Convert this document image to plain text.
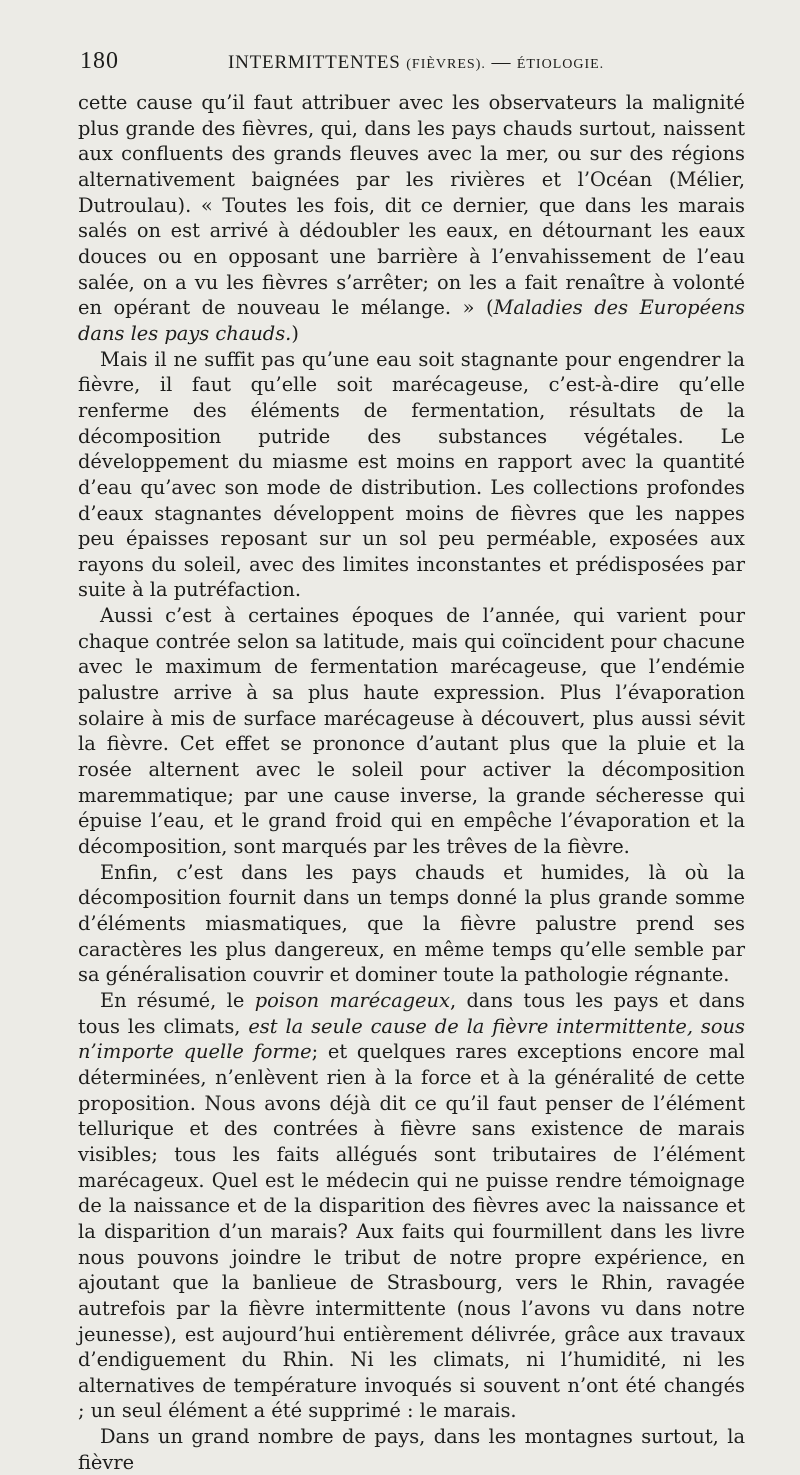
180	INTERMITTENTES (FIÈVRES). — ÉTIOLOGIE.

cette cause qu’il faut attribuer avec les observateurs la malignité plus grande des fièvres, qui, dans les pays chauds surtout, naissent aux confluents des grands fleuves avec la mer, ou sur des régions alternativement baignées par les rivières et l’Océan (Mélier, Dutroulau). « Toutes les fois, dit ce dernier, que dans les marais salés on est arrivé à dédoubler les eaux, en détournant les eaux douces ou en opposant une barrière à l’envahissement de l’eau salée, on a vu les fièvres s’arrêter; on les a fait renaître à volonté en opérant de nouveau le mélange. » (Maladies des Européens dans les pays chauds.)

Mais il ne suffit pas qu’une eau soit stagnante pour engendrer la fièvre, il faut qu’elle soit marécageuse, c’est-à-dire qu’elle renferme des éléments de fermentation, résultats de la décomposition putride des substances végétales. Le développement du miasme est moins en rapport avec la quantité d’eau qu’avec son mode de distribution. Les collections profondes d’eaux stagnantes développent moins de fièvres que les nappes peu épaisses reposant sur un sol peu perméable, exposées aux rayons du soleil, avec des limites inconstantes et prédisposées par suite à la putréfaction.

Aussi c’est à certaines époques de l’année, qui varient pour chaque contrée selon sa latitude, mais qui coïncident pour chacune avec le maximum de fermentation marécageuse, que l’endémie palustre arrive à sa plus haute expression. Plus l’évaporation solaire à mis de surface marécageuse à découvert, plus aussi sévit la fièvre. Cet effet se prononce d’autant plus que la pluie et la rosée alternent avec le soleil pour activer la décomposition maremmatique; par une cause inverse, la grande sécheresse qui épuise l’eau, et le grand froid qui en empêche l’évaporation et la décomposition, sont marqués par les trêves de la fièvre.

Enfin, c’est dans les pays chauds et humides, là où la décomposition fournit dans un temps donné la plus grande somme d’éléments miasmatiques, que la fièvre palustre prend ses caractères les plus dangereux, en même temps qu’elle semble par sa généralisation couvrir et dominer toute la pathologie régnante.

En résumé, le poison marécageux, dans tous les pays et dans tous les climats, est la seule cause de la fièvre intermittente, sous n’importe quelle forme; et quelques rares exceptions encore mal déterminées, n’enlèvent rien à la force et à la généralité de cette proposition. Nous avons déjà dit ce qu’il faut penser de l’élément tellurique et des contrées à fièvre sans existence de marais visibles; tous les faits allégués sont tributaires de l’élément marécageux. Quel est le médecin qui ne puisse rendre témoignage de la naissance et de la disparition des fièvres avec la naissance et la disparition d’un marais? Aux faits qui fourmillent dans les livre nous pouvons joindre le tribut de notre propre expérience, en ajoutant que la banlieue de Strasbourg, vers le Rhin, ravagée autrefois par la fièvre intermittente (nous l’avons vu dans notre jeunesse), est aujourd’hui entièrement délivrée, grâce aux travaux d’endiguement du Rhin. Ni les climats, ni l’humidité, ni les alternatives de température invoqués si souvent n’ont été changés ; un seul élément a été supprimé : le marais.

Dans un grand nombre de pays, dans les montagnes surtout, la fièvre
